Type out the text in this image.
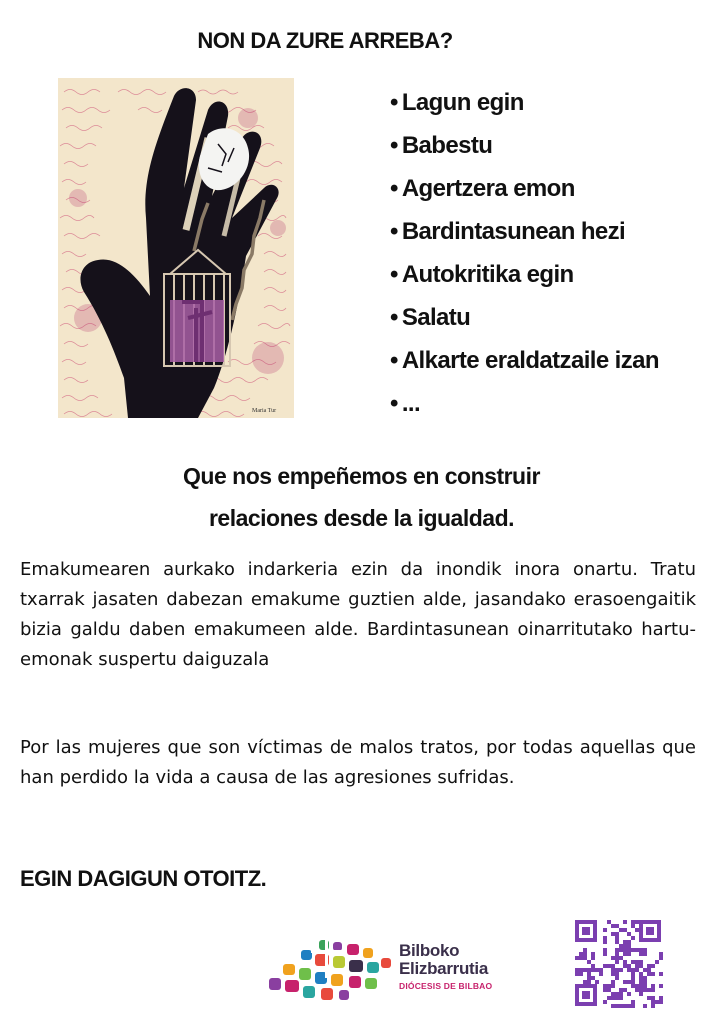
NON DA ZURE ARREBA?
Maria Tur
• Lagun egin
• Babestu
• Agertzera emon
• Bardintasunean hezi
• Autokritika egin
• Salatu
• Alkarte eraldatzaile izan
• ...
Que nos empeñemos en construir
relaciones desde la igualdad.

Emakumearen aurkako indarkeria ezin da inondik inora onartu. Tratu txarrak jasaten dabezan emakume guztien alde, jasandako erasoengaitik bizia galdu daben emakumeen alde. Bardintasunean oinarritutako hartu-emonak suspertu daiguzala

Por las mujeres que son víctimas de malos tratos, por todas aquellas que han perdido la vida a causa de las agresiones sufridas.

EGIN DAGIGUN OTOITZ.
Bilboko
Elizbarrutia
DIÓCESIS DE BILBAO
